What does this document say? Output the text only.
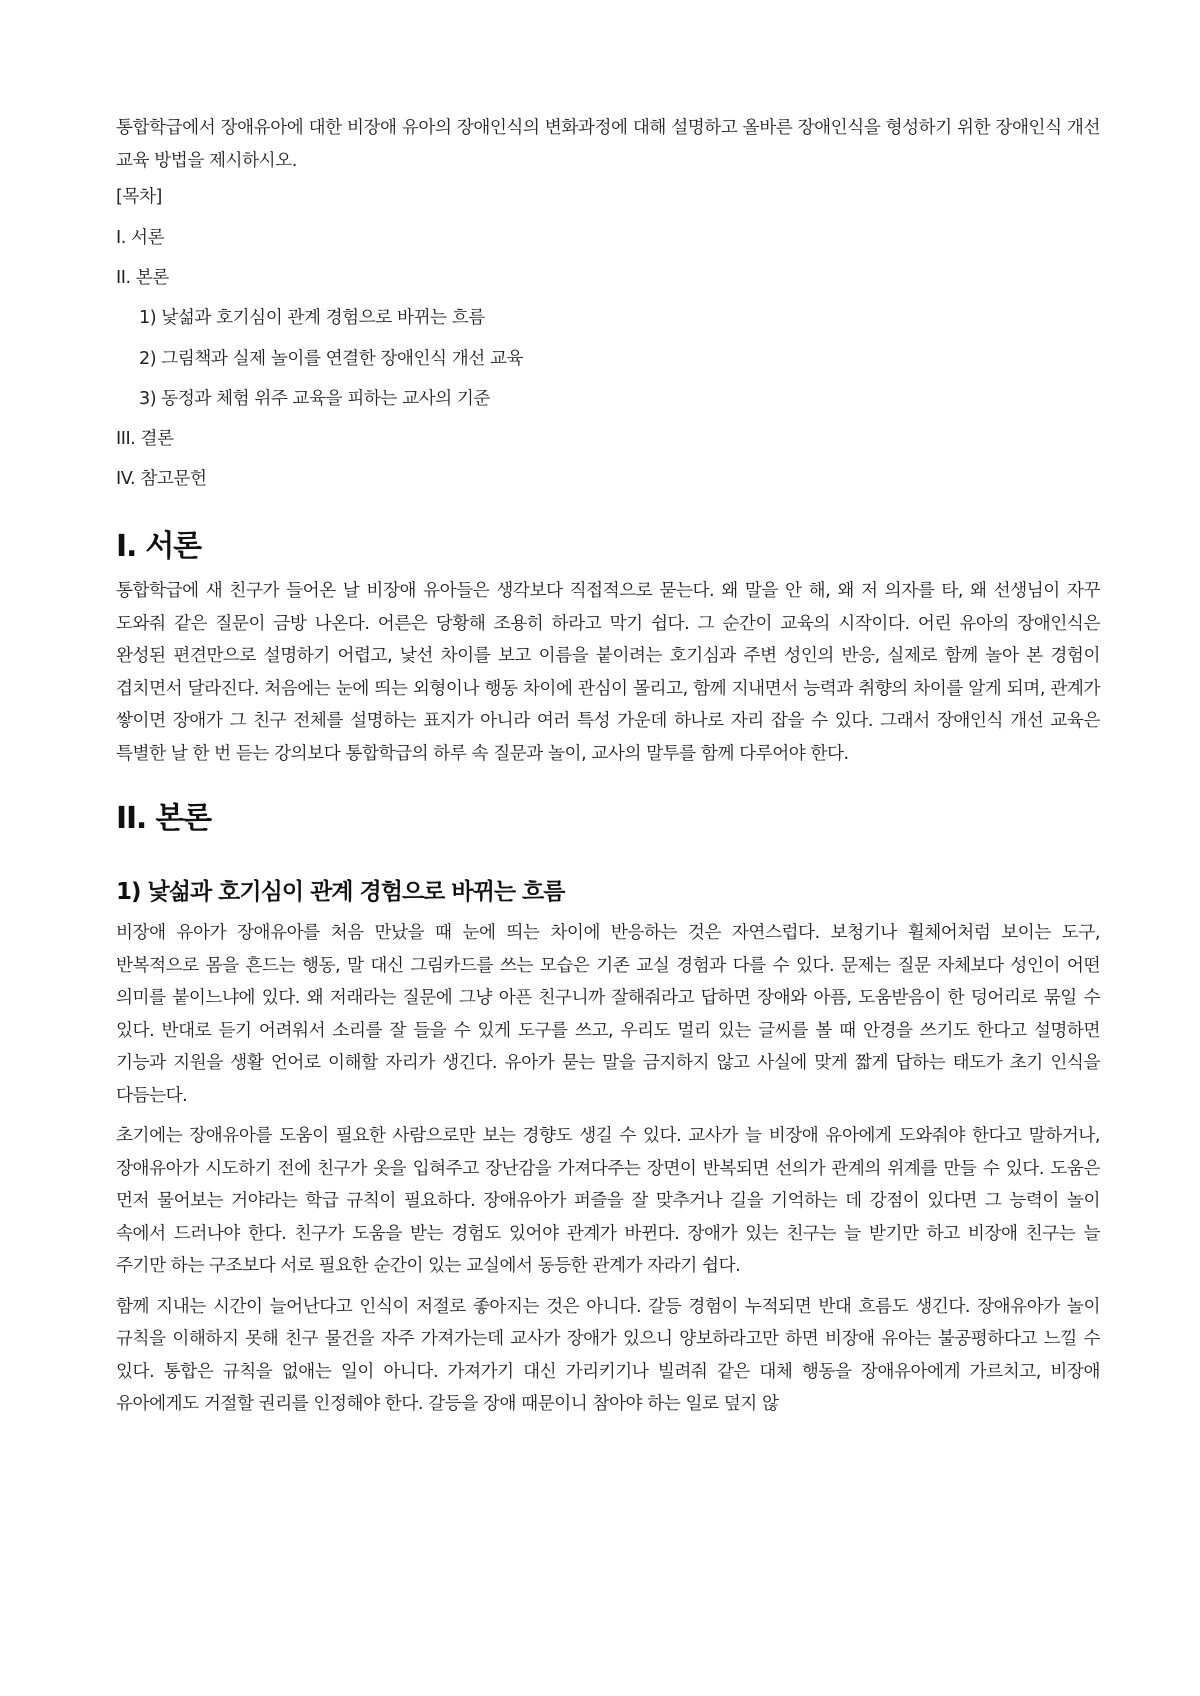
통합학급에서 장애유아에 대한 비장애 유아의 장애인식의 변화과정에 대해 설명하고 올바른 장애인식을 형성하기 위한 장애인식 개선 교육 방법을 제시하시오.

[목차]
I. 서론
II. 본론
1) 낯섦과 호기심이 관계 경험으로 바뀌는 흐름
2) 그림책과 실제 놀이를 연결한 장애인식 개선 교육
3) 동정과 체험 위주 교육을 피하는 교사의 기준
III. 결론
IV. 참고문헌
I. 서론

통합학급에 새 친구가 들어온 날 비장애 유아들은 생각보다 직접적으로 묻는다. 왜 말을 안 해, 왜 저 의자를 타, 왜 선생님이 자꾸 도와줘 같은 질문이 금방 나온다. 어른은 당황해 조용히 하라고 막기 쉽다. 그 순간이 교육의 시작이다. 어린 유아의 장애인식은 완성된 편견만으로 설명하기 어렵고, 낯선 차이를 보고 이름을 붙이려는 호기심과 주변 성인의 반응, 실제로 함께 놀아 본 경험이 겹치면서 달라진다. 처음에는 눈에 띄는 외형이나 행동 차이에 관심이 몰리고, 함께 지내면서 능력과 취향의 차이를 알게 되며, 관계가 쌓이면 장애가 그 친구 전체를 설명하는 표지가 아니라 여러 특성 가운데 하나로 자리 잡을 수 있다. 그래서 장애인식 개선 교육은 특별한 날 한 번 듣는 강의보다 통합학급의 하루 속 질문과 놀이, 교사의 말투를 함께 다루어야 한다.

II. 본론
1) 낯섦과 호기심이 관계 경험으로 바뀌는 흐름

비장애 유아가 장애유아를 처음 만났을 때 눈에 띄는 차이에 반응하는 것은 자연스럽다. 보청기나 휠체어처럼 보이는 도구, 반복적으로 몸을 흔드는 행동, 말 대신 그림카드를 쓰는 모습은 기존 교실 경험과 다를 수 있다. 문제는 질문 자체보다 성인이 어떤 의미를 붙이느냐에 있다. 왜 저래라는 질문에 그냥 아픈 친구니까 잘해줘라고 답하면 장애와 아픔, 도움받음이 한 덩어리로 묶일 수 있다. 반대로 듣기 어려워서 소리를 잘 들을 수 있게 도구를 쓰고, 우리도 멀리 있는 글씨를 볼 때 안경을 쓰기도 한다고 설명하면 기능과 지원을 생활 언어로 이해할 자리가 생긴다. 유아가 묻는 말을 금지하지 않고 사실에 맞게 짧게 답하는 태도가 초기 인식을 다듬는다.

초기에는 장애유아를 도움이 필요한 사람으로만 보는 경향도 생길 수 있다. 교사가 늘 비장애 유아에게 도와줘야 한다고 말하거나, 장애유아가 시도하기 전에 친구가 옷을 입혀주고 장난감을 가져다주는 장면이 반복되면 선의가 관계의 위계를 만들 수 있다. 도움은 먼저 물어보는 거야라는 학급 규칙이 필요하다. 장애유아가 퍼즐을 잘 맞추거나 길을 기억하는 데 강점이 있다면 그 능력이 놀이 속에서 드러나야 한다. 친구가 도움을 받는 경험도 있어야 관계가 바뀐다. 장애가 있는 친구는 늘 받기만 하고 비장애 친구는 늘 주기만 하는 구조보다 서로 필요한 순간이 있는 교실에서 동등한 관계가 자라기 쉽다.

함께 지내는 시간이 늘어난다고 인식이 저절로 좋아지는 것은 아니다. 갈등 경험이 누적되면 반대 흐름도 생긴다. 장애유아가 놀이 규칙을 이해하지 못해 친구 물건을 자주 가져가는데 교사가 장애가 있으니 양보하라고만 하면 비장애 유아는 불공평하다고 느낄 수 있다. 통합은 규칙을 없애는 일이 아니다. 가져가기 대신 가리키기나 빌려줘 같은 대체 행동을 장애유아에게 가르치고, 비장애 유아에게도 거절할 권리를 인정해야 한다. 갈등을 장애 때문이니 참아야 하는 일로 덮지 않
